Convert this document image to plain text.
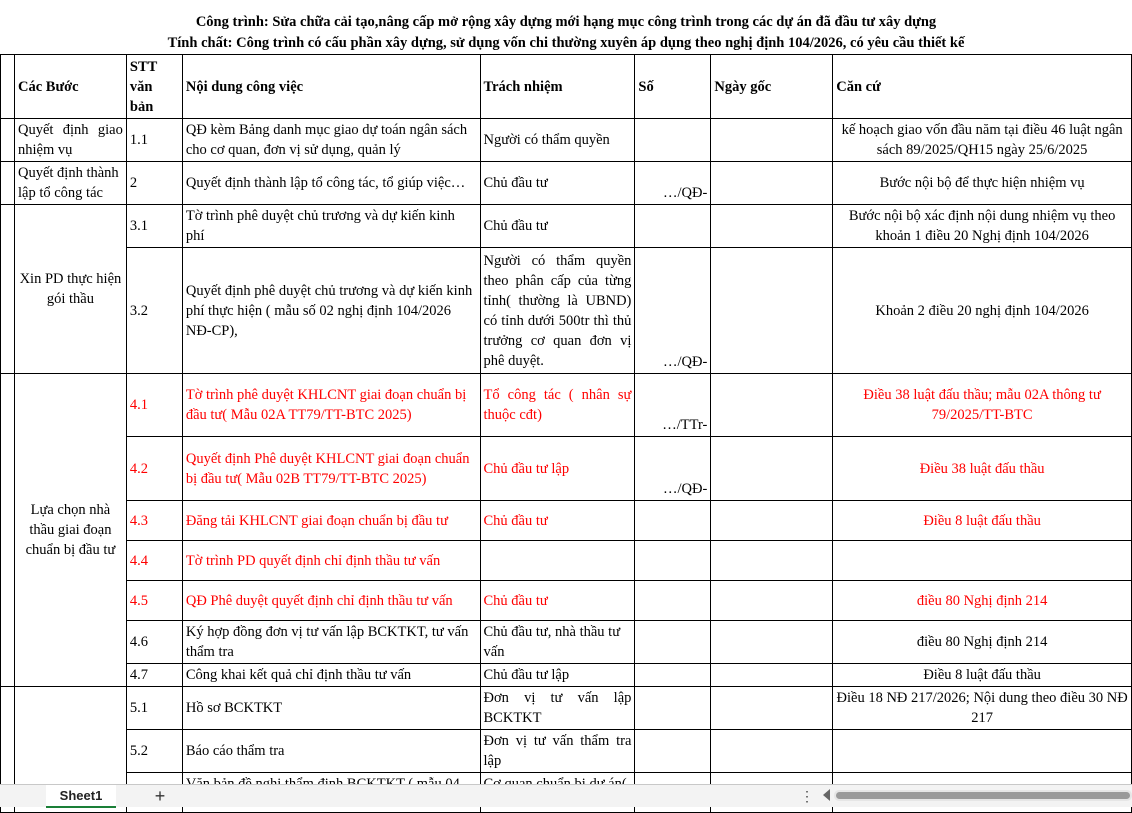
Công trình: Sửa chữa cải tạo,nâng cấp mở rộng xây dựng mới hạng mục công trình trong các dự án đã đầu tư xây dựng
Tính chất: Công trình có cấu phần xây dựng, sử dụng vốn chi thường xuyên áp dụng theo nghị định 104/2026, có yêu cầu thiết kế
	Các Bước	STT văn bản	Nội dung công việc	Trách nhiệm	Số	Ngày gốc	Căn cứ
	Quyết định giao nhiệm vụ	1.1	QĐ kèm Bảng danh mục giao dự toán ngân sách cho cơ quan, đơn vị sử dụng, quản lý	Người có thẩm quyền			kế hoạch giao vốn đầu năm tại điều 46 luật ngân sách 89/2025/QH15 ngày 25/6/2025
	Quyết định thành lập tổ công tác	2	Quyết định thành lập tổ công tác, tổ giúp việc…	Chủ đầu tư	…/QĐ-		Bước nội bộ để thực hiện nhiệm vụ
	Xin PD thực hiện gói thầu	3.1	Tờ trình phê duyệt chủ trương và dự kiến kinh phí	Chủ đầu tư			Bước nội bộ xác định nội dung nhiệm vụ theo khoản 1 điều 20 Nghị định 104/2026
		3.2	Quyết định phê duyệt chủ trương và dự kiến kinh phí thực hiện ( mẫu số 02 nghị định 104/2026 NĐ-CP),	Người có thẩm quyền theo phân cấp của từng tỉnh( thường là UBND) có tỉnh dưới 500tr thì thủ trưởng cơ quan đơn vị phê duyệt.	…/QĐ-		Khoản 2 điều 20 nghị định 104/2026
	Lựa chọn nhà thầu giai đoạn chuẩn bị đầu tư	4.1	Tờ trình phê duyệt KHLCNT giai đoạn chuẩn bị đầu tư( Mẫu 02A TT79/TT-BTC 2025)	Tổ công tác ( nhân sự thuộc cđt)	…/TTr-		Điều 38 luật đấu thầu; mẫu 02A thông tư 79/2025/TT-BTC
		4.2	Quyết định Phê duyệt KHLCNT giai đoạn chuẩn bị đầu tư( Mẫu 02B TT79/TT-BTC 2025)	Chủ đầu tư lập	…/QĐ-		Điều 38 luật đấu thầu
		4.3	Đăng tải KHLCNT giai đoạn chuẩn bị đầu tư	Chủ đầu tư			Điều 8 luật đấu thầu
		4.4	Tờ trình PD quyết định chỉ định thầu tư vấn				
		4.5	QĐ Phê duyệt quyết định chỉ định thầu tư vấn	Chủ đầu tư			điều 80 Nghị định 214
		4.6	Ký hợp đồng đơn vị tư vấn lập BCKTKT, tư vấn thẩm tra	Chủ đầu tư, nhà thầu tư vấn			điều 80 Nghị định 214
		4.7	Công khai kết quả chỉ định thầu tư vấn	Chủ đầu tư lập			Điều 8 luật đấu thầu
		5.1	Hồ sơ BCKTKT	Đơn vị tư vấn lập BCKTKT			Điều 18 NĐ 217/2026; Nội dung theo điều 30 NĐ 217
		5.2	Báo cáo thẩm tra	Đơn vị tư vấn thẩm tra lập			

Sheet1	+	⋮
